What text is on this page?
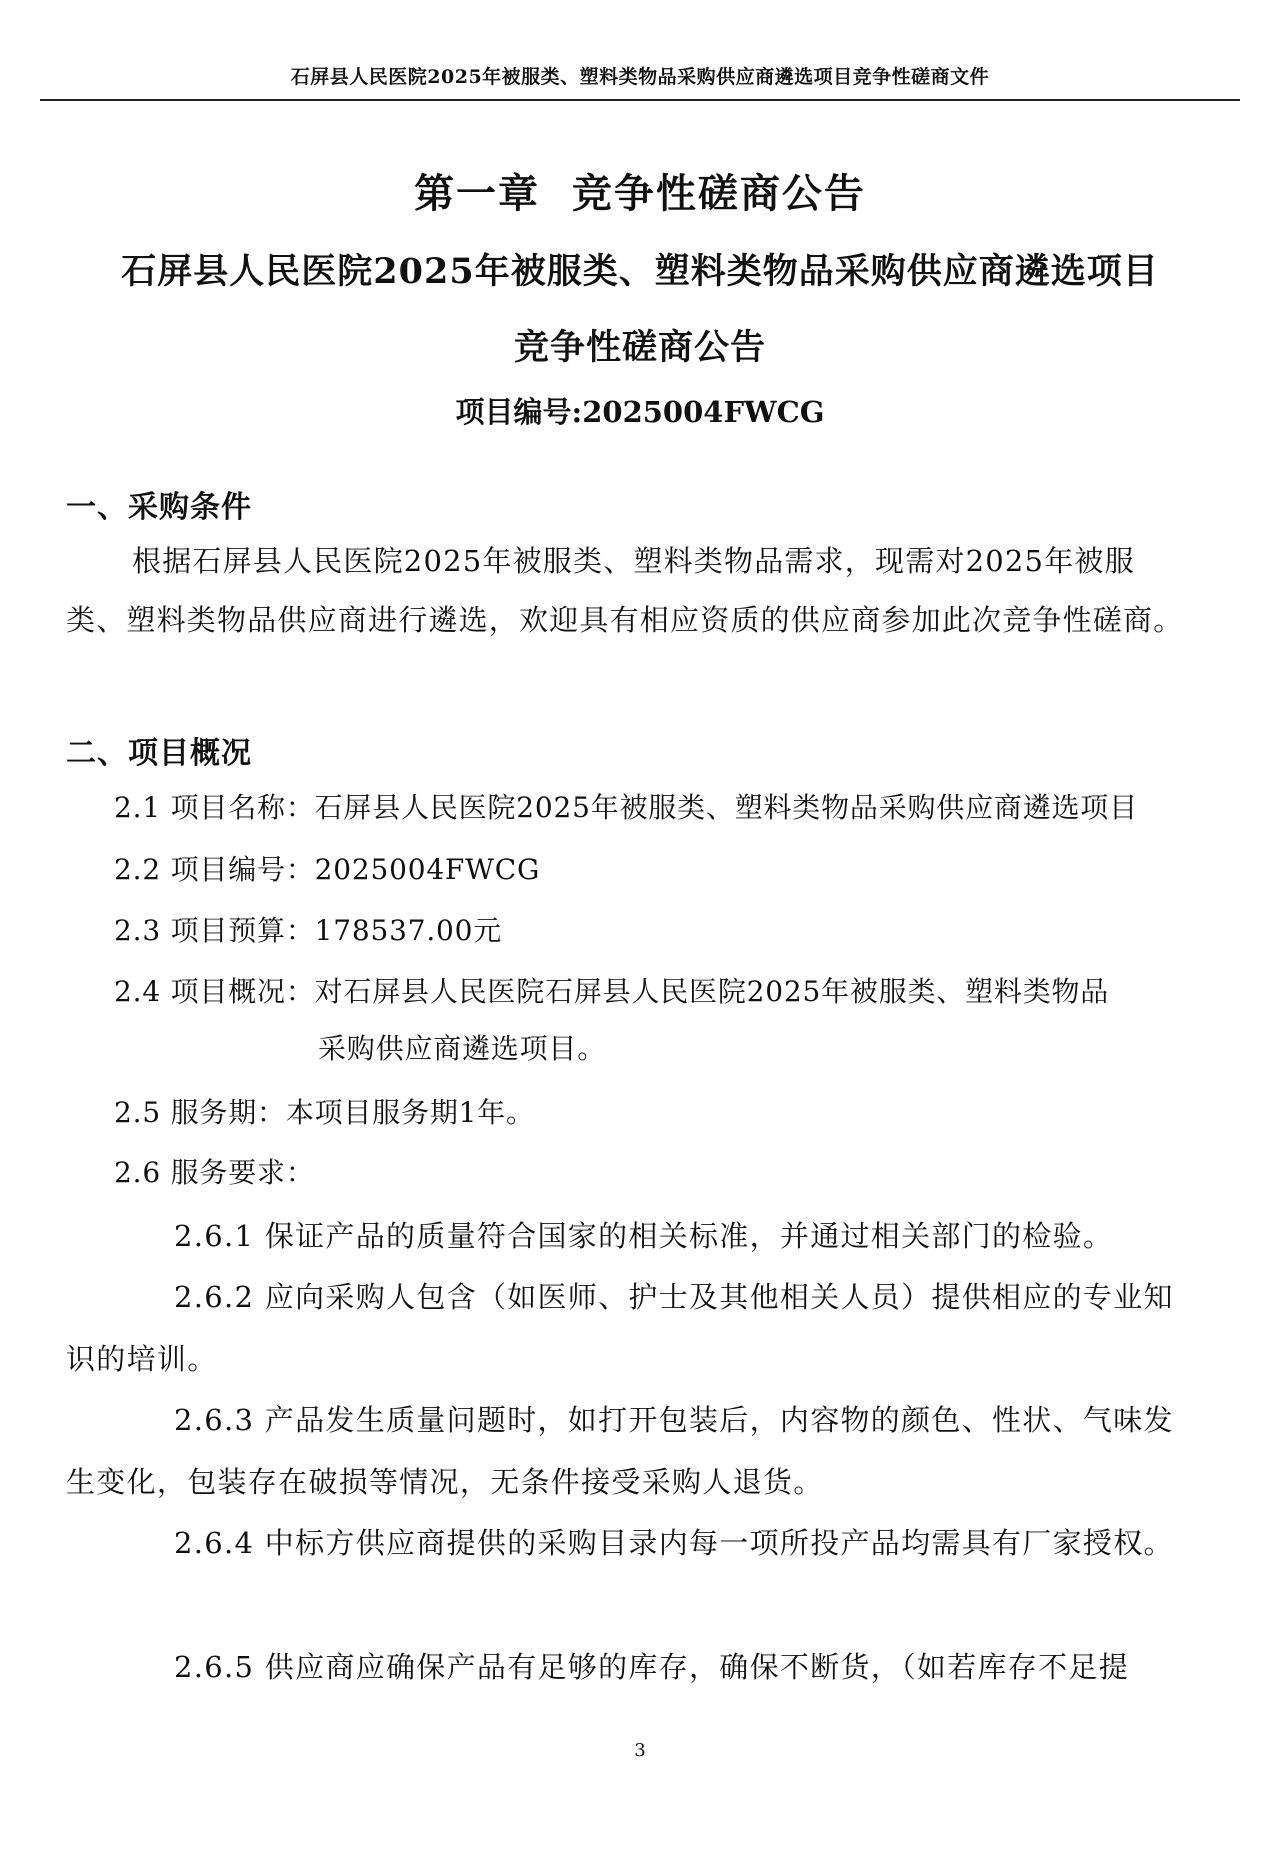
石屏县人民医院2025年被服类、塑料类物品采购供应商遴选项目竞争性磋商文件
第一章  竞争性磋商公告
石屏县人民医院2025年被服类、塑料类物品采购供应商遴选项目
竞争性磋商公告
项目编号:2025004FWCG
一、采购条件
根据石屏县人民医院2025年被服类、塑料类物品需求，现需对2025年被服类、塑料类物品供应商进行遴选，欢迎具有相应资质的供应商参加此次竞争性磋商。
二、项目概况
2.1 项目名称：石屏县人民医院2025年被服类、塑料类物品采购供应商遴选项目
2.2 项目编号：2025004FWCG
2.3 项目预算：178537.00元
2.4 项目概况：对石屏县人民医院石屏县人民医院2025年被服类、塑料类物品
采购供应商遴选项目。
2.5 服务期：本项目服务期1年。
2.6 服务要求：
2.6.1 保证产品的质量符合国家的相关标准，并通过相关部门的检验。
2.6.2 应向采购人包含（如医师、护士及其他相关人员）提供相应的专业知识的培训。
2.6.3 产品发生质量问题时，如打开包装后，内容物的颜色、性状、气味发生变化，包装存在破损等情况，无条件接受采购人退货。
2.6.4 中标方供应商提供的采购目录内每一项所投产品均需具有厂家授权。
2.6.5 供应商应确保产品有足够的库存，确保不断货，（如若库存不足提
3
